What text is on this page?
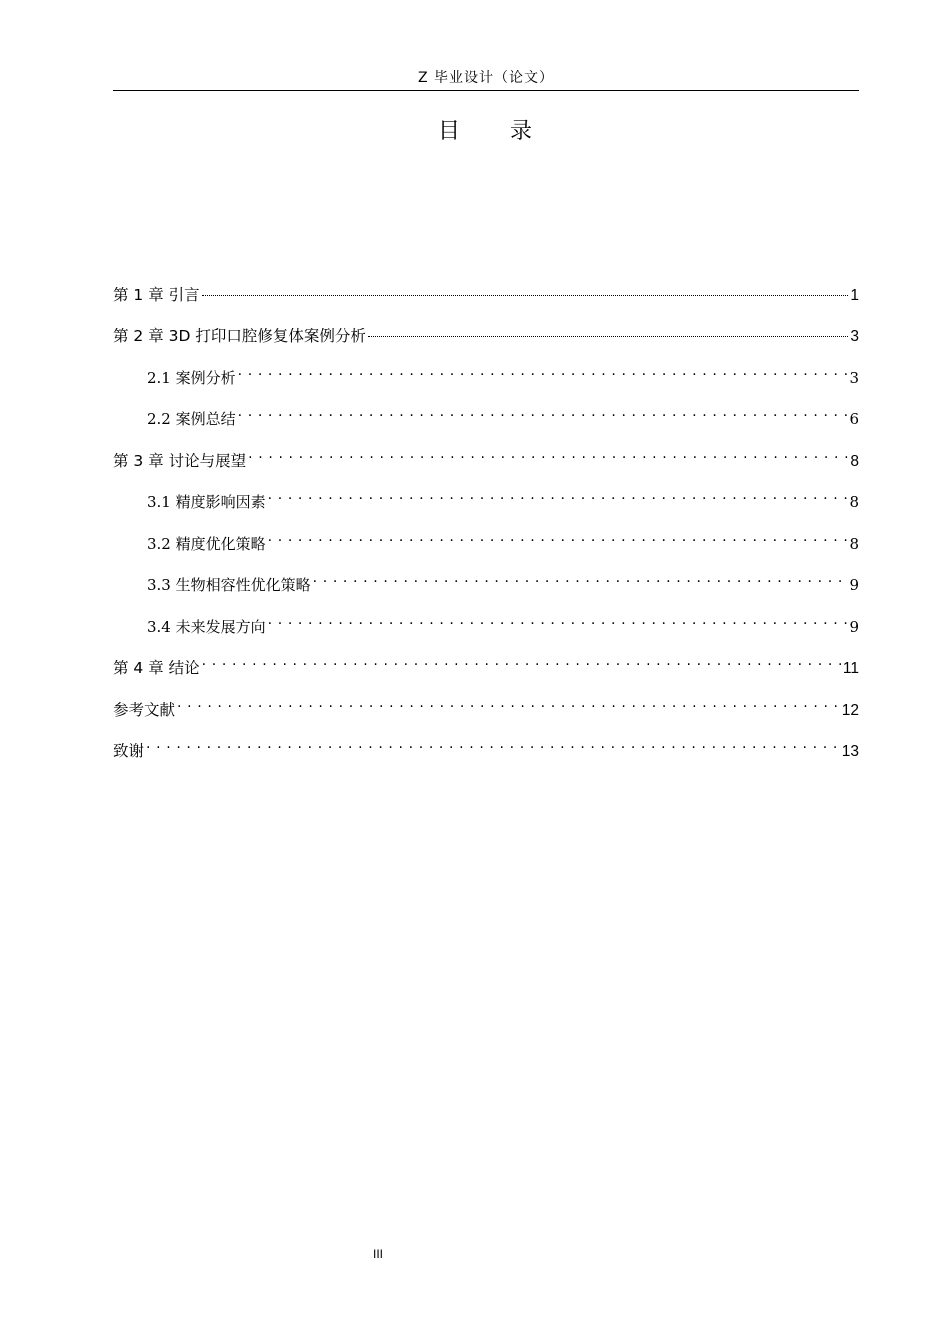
Z 毕业设计（论文）
目 录
第 1 章 引言	1
第 2 章 3D 打印口腔修复体案例分析	3
2.1 案例分析 . . .	3
2.2 案例总结 . . .	6
第 3 章 讨论与展望 . . .	8
3.1 精度影响因素 . . .	8
3.2 精度优化策略 . . .	8
3.3 生物相容性优化策略 . . .	9
3.4 未来发展方向 . . .	9
第 4 章 结论 . . .	11
参考文献 . . .	12
致谢 . . .	13
III
